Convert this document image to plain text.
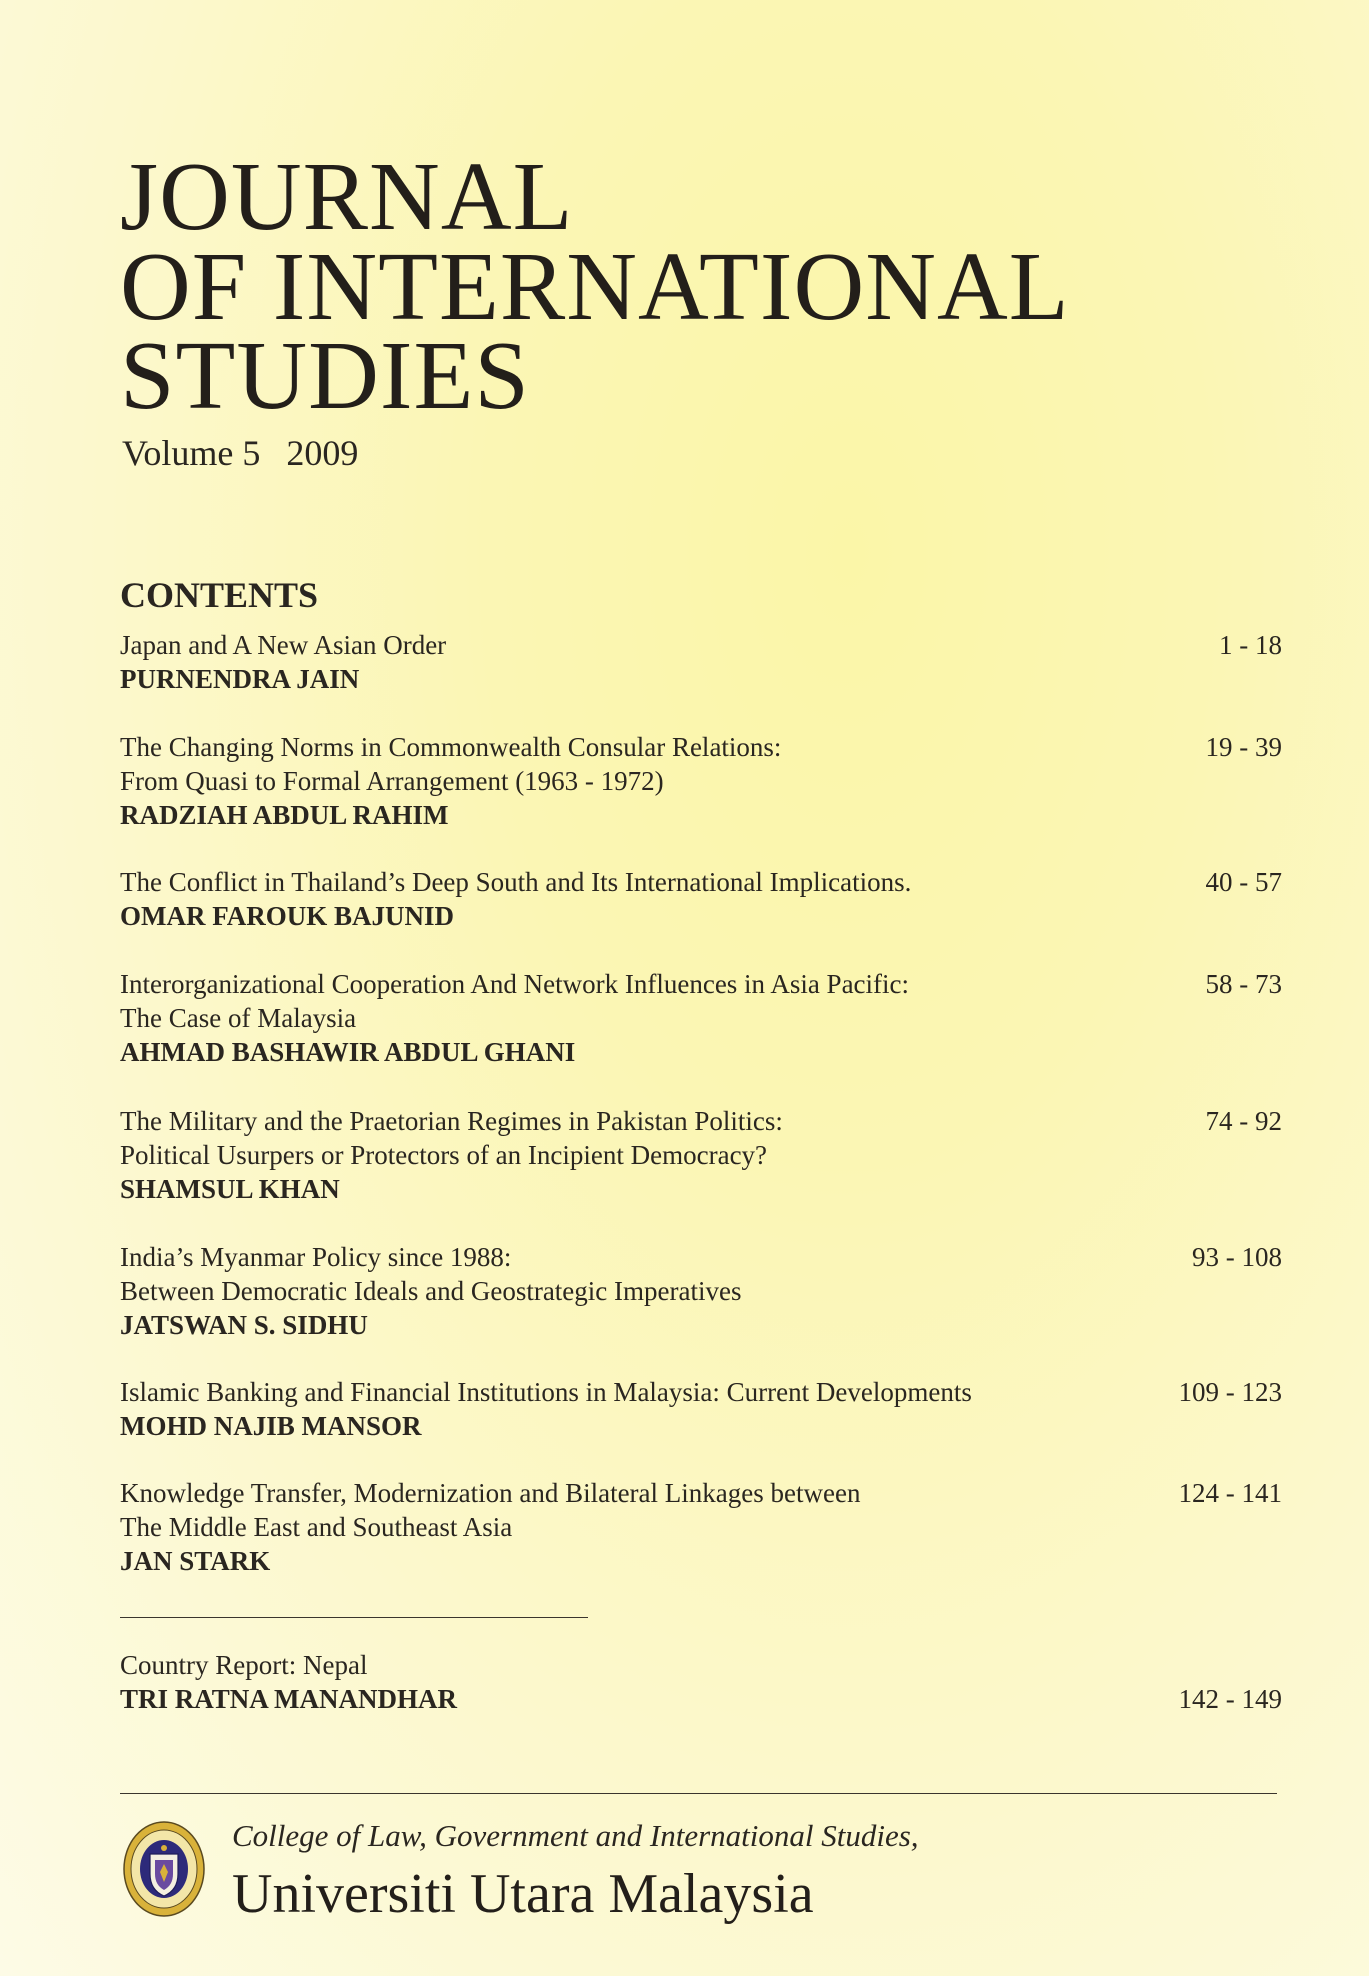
JOURNAL
OF INTERNATIONAL
STUDIES
Volume 5 2009
CONTENTS
Japan and A New Asian Order
PURNENDRA JAIN
1 - 18
The Changing Norms in Commonwealth Consular Relations:
From Quasi to Formal Arrangement (1963 - 1972)
RADZIAH ABDUL RAHIM
19 - 39
The Conflict in Thailand’s Deep South and Its International Implications.
OMAR FAROUK BAJUNID
40 - 57
Interorganizational Cooperation And Network Influences in Asia Pacific:
The Case of Malaysia
AHMAD BASHAWIR ABDUL GHANI
58 - 73
The Military and the Praetorian Regimes in Pakistan Politics:
Political Usurpers or Protectors of an Incipient Democracy?
SHAMSUL KHAN
74 - 92
India’s Myanmar Policy since 1988:
Between Democratic Ideals and Geostrategic Imperatives
JATSWAN S. SIDHU
93 - 108
Islamic Banking and Financial Institutions in Malaysia: Current Developments
MOHD NAJIB MANSOR
109 - 123
Knowledge Transfer, Modernization and Bilateral Linkages between
The Middle East and Southeast Asia
JAN STARK
124 - 141
Country Report: Nepal
TRI RATNA MANANDHAR	142 - 149
College of Law, Government and International Studies,
Universiti Utara Malaysia
